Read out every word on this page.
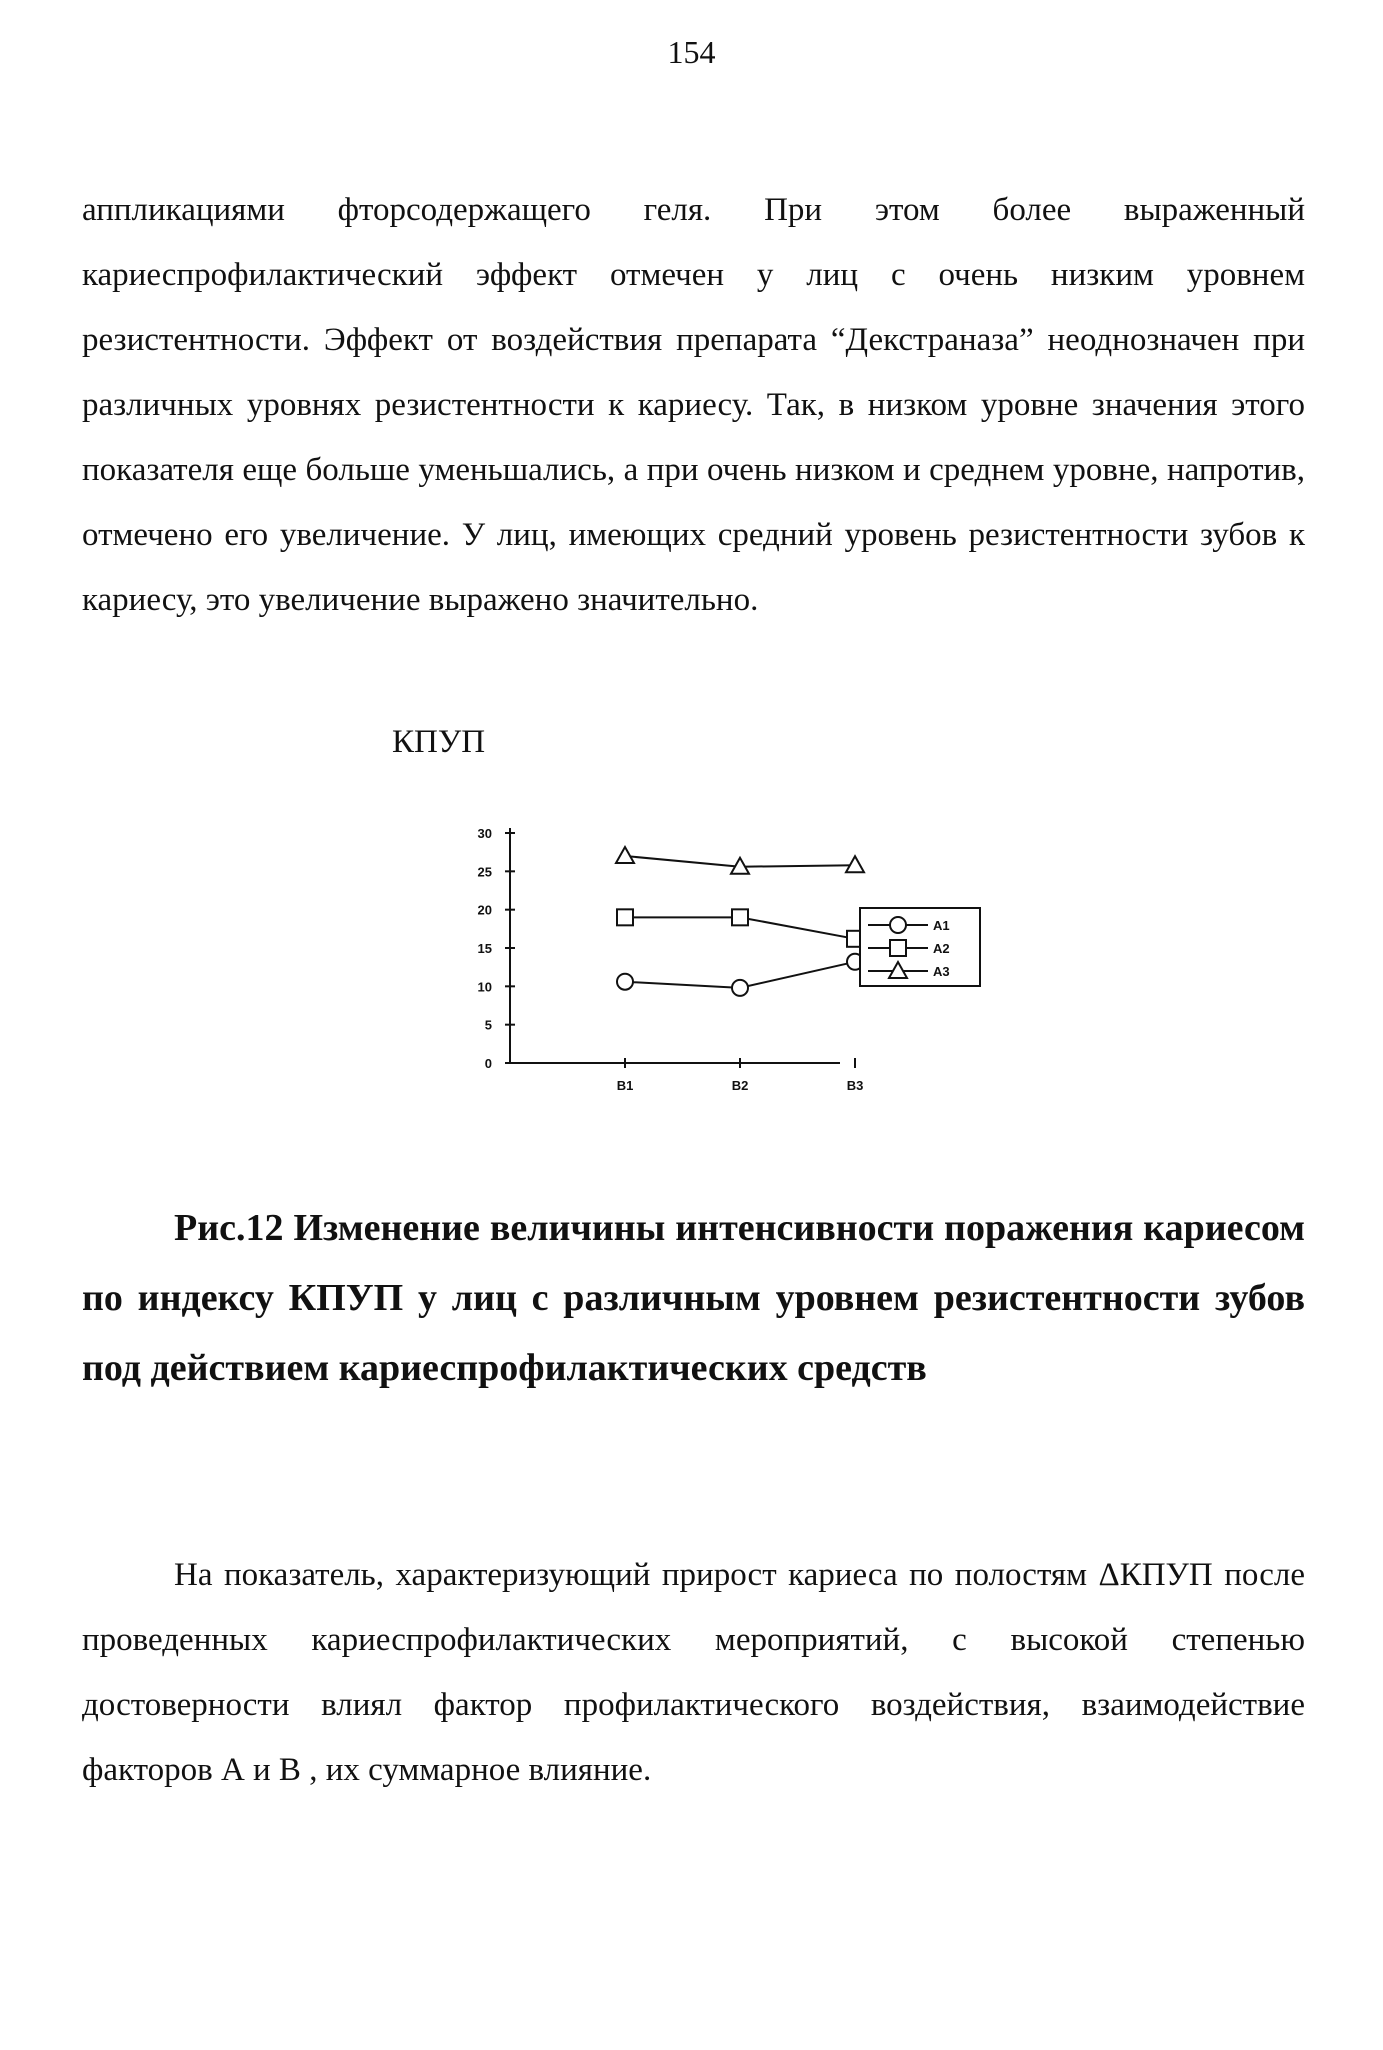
154

аппликациями фторсодержащего геля. При этом более выраженный кариеспрофилактический эффект отмечен у лиц с очень низким уровнем резистентности. Эффект от воздействия препарата “Декстраназа” неоднозначен при различных уровнях резистентности к кариесу. Так, в низком уровне значения этого показателя еще больше уменьшались, а при очень низком и среднем уровне, напротив, отмечено его увеличение. У лиц, имеющих средний уровень резистентности зубов к кариесу, это увеличение выражено значительно.

КПУП
0
5
10
15
20
25
30
B1	B2	B3
A1
A2
A3

Рис.12 Изменение величины интенсивности поражения кариесом по индексу КПУП у лиц с различным уровнем резистентности зубов под действием кариеспрофилактических средств

На показатель, характеризующий прирост кариеса по полостям ΔКПУП после проведенных кариеспрофилактических мероприятий, с высокой степенью достоверности влиял фактор профилактического воздействия, взаимодействие факторов А и В , их суммарное влияние.
